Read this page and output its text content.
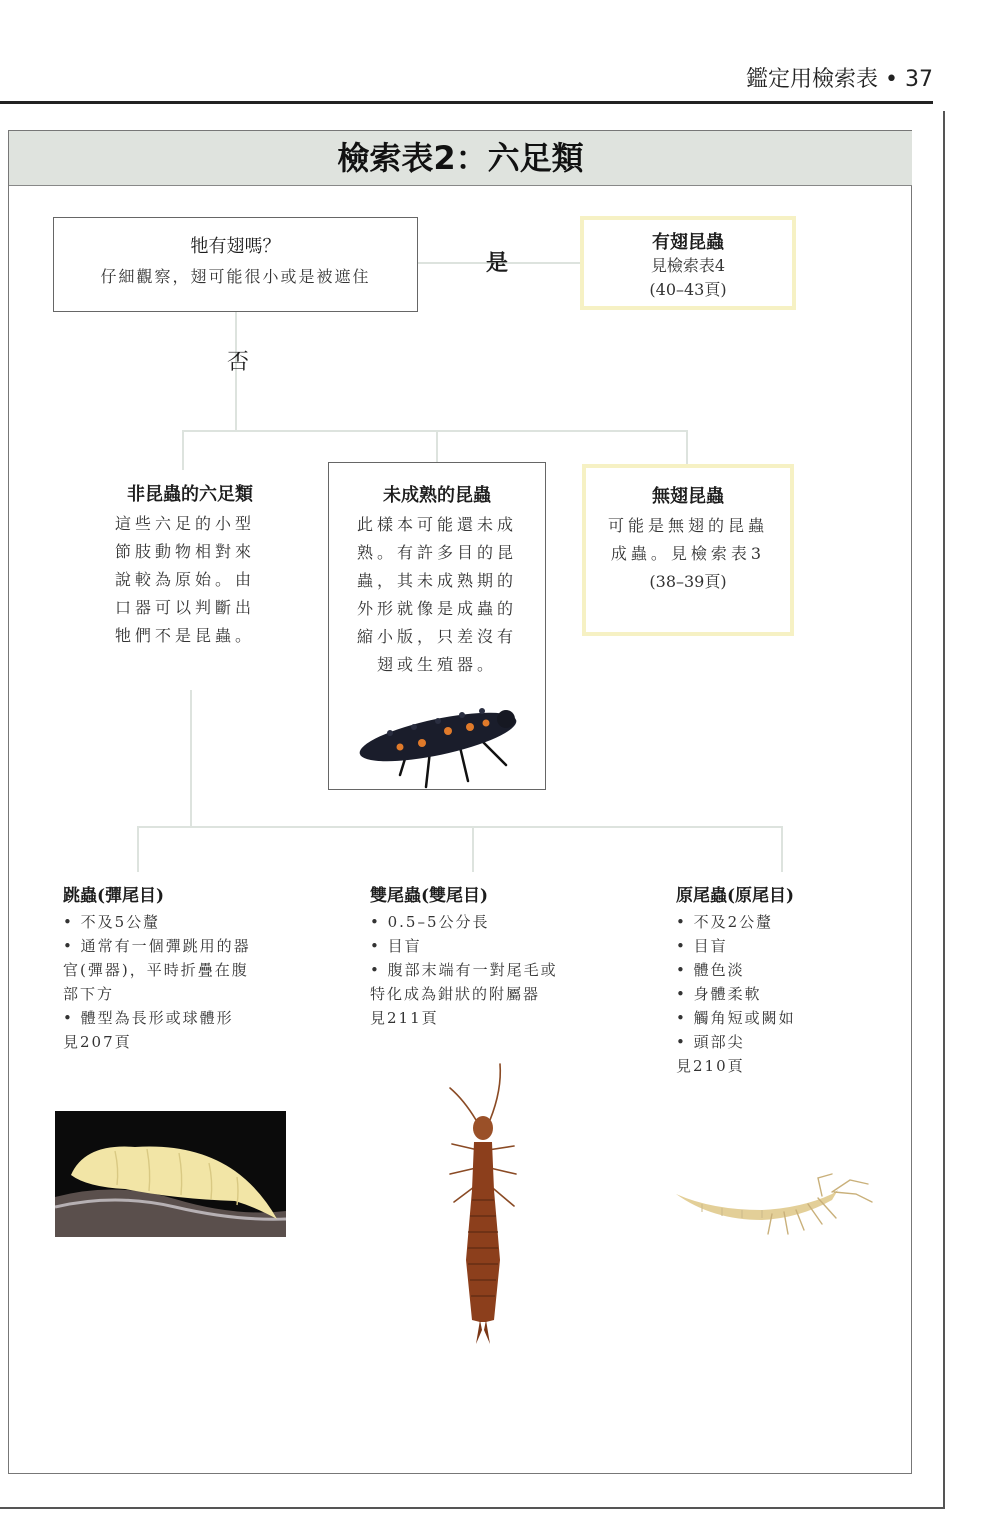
鑑定用檢索表 • 37
檢索表2：六足類
牠有翅嗎？
仔細觀察，翅可能很小或是被遮住
是
否
有翅昆蟲
見檢索表4
(40–43頁)
非昆蟲的六足類
這些六足的小型
節肢動物相對來
說較為原始。由
口器可以判斷出
牠們不是昆蟲。
未成熟的昆蟲
此樣本可能還未成
熟。有許多目的昆
蟲，其未成熟期的
外形就像是成蟲的
縮小版，只差沒有
翅或生殖器。
無翅昆蟲
可能是無翅的昆蟲
成蟲。見檢索表3
(38–39頁)
跳蟲(彈尾目)
• 不及5公釐
• 通常有一個彈跳用的器
官(彈器)，平時折疊在腹
部下方
• 體型為長形或球體形
見207頁
雙尾蟲(雙尾目)
• 0.5–5公分長
• 目盲
• 腹部末端有一對尾毛或
特化成為鉗狀的附屬器
見211頁
原尾蟲(原尾目)
• 不及2公釐
• 目盲
• 體色淡
• 身體柔軟
• 觸角短或闕如
• 頭部尖
見210頁
